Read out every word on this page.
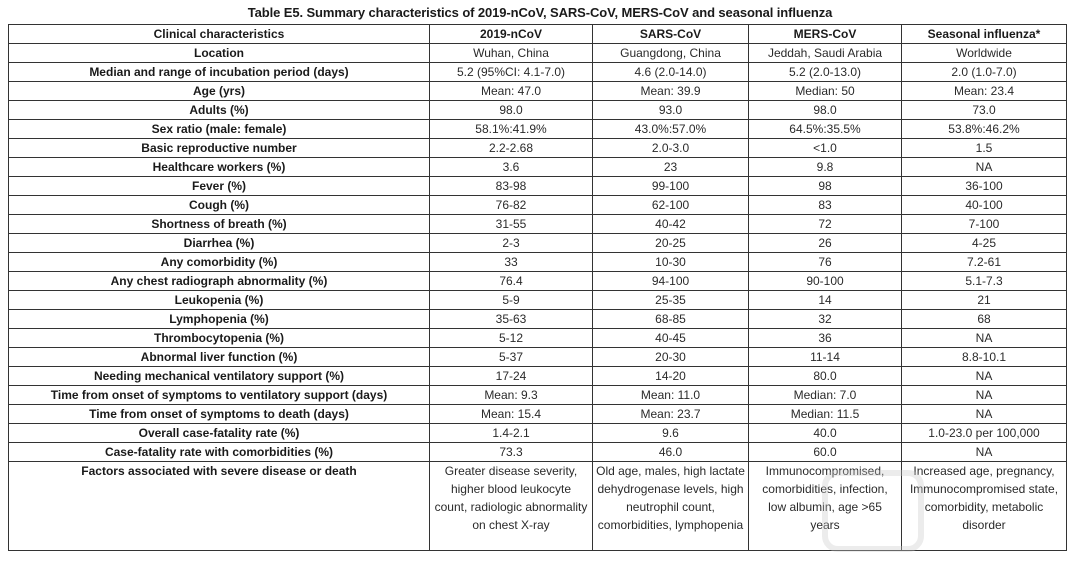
Table E5. Summary characteristics of 2019-nCoV, SARS-CoV, MERS-CoV and seasonal influenza
Clinical characteristics	2019-nCoV	SARS-CoV	MERS-CoV	Seasonal influenza*
Location	Wuhan, China	Guangdong, China	Jeddah, Saudi Arabia	Worldwide
Median and range of incubation period (days)	5.2 (95%CI: 4.1-7.0)	4.6 (2.0-14.0)	5.2 (2.0-13.0)	2.0 (1.0-7.0)
Age (yrs)	Mean: 47.0	Mean: 39.9	Median: 50	Mean: 23.4
Adults (%)	98.0	93.0	98.0	73.0
Sex ratio (male: female)	58.1%:41.9%	43.0%:57.0%	64.5%:35.5%	53.8%:46.2%
Basic reproductive number	2.2-2.68	2.0-3.0	<1.0	1.5
Healthcare workers (%)	3.6	23	9.8	NA
Fever (%)	83-98	99-100	98	36-100
Cough (%)	76-82	62-100	83	40-100
Shortness of breath (%)	31-55	40-42	72	7-100
Diarrhea (%)	2-3	20-25	26	4-25
Any comorbidity (%)	33	10-30	76	7.2-61
Any chest radiograph abnormality (%)	76.4	94-100	90-100	5.1-7.3
Leukopenia (%)	5-9	25-35	14	21
Lymphopenia (%)	35-63	68-85	32	68
Thrombocytopenia (%)	5-12	40-45	36	NA
Abnormal liver function (%)	5-37	20-30	11-14	8.8-10.1
Needing mechanical ventilatory support (%)	17-24	14-20	80.0	NA
Time from onset of symptoms to ventilatory support (days)	Mean: 9.3	Mean: 11.0	Median: 7.0	NA
Time from onset of symptoms to death (days)	Mean: 15.4	Mean: 23.7	Median: 11.5	NA
Overall case-fatality rate (%)	1.4-2.1	9.6	40.0	1.0-23.0 per 100,000
Case-fatality rate with comorbidities (%)	73.3	46.0	60.0	NA
Factors associated with severe disease or death	Greater disease severity, higher blood leukocyte count, radiologic abnormality on chest X-ray	Old age, males, high lactate dehydrogenase levels, high neutrophil count, comorbidities, lymphopenia	Immunocompromised, comorbidities, infection, low albumin, age >65 years	Increased age, pregnancy, Immunocompromised state, comorbidity, metabolic disorder
